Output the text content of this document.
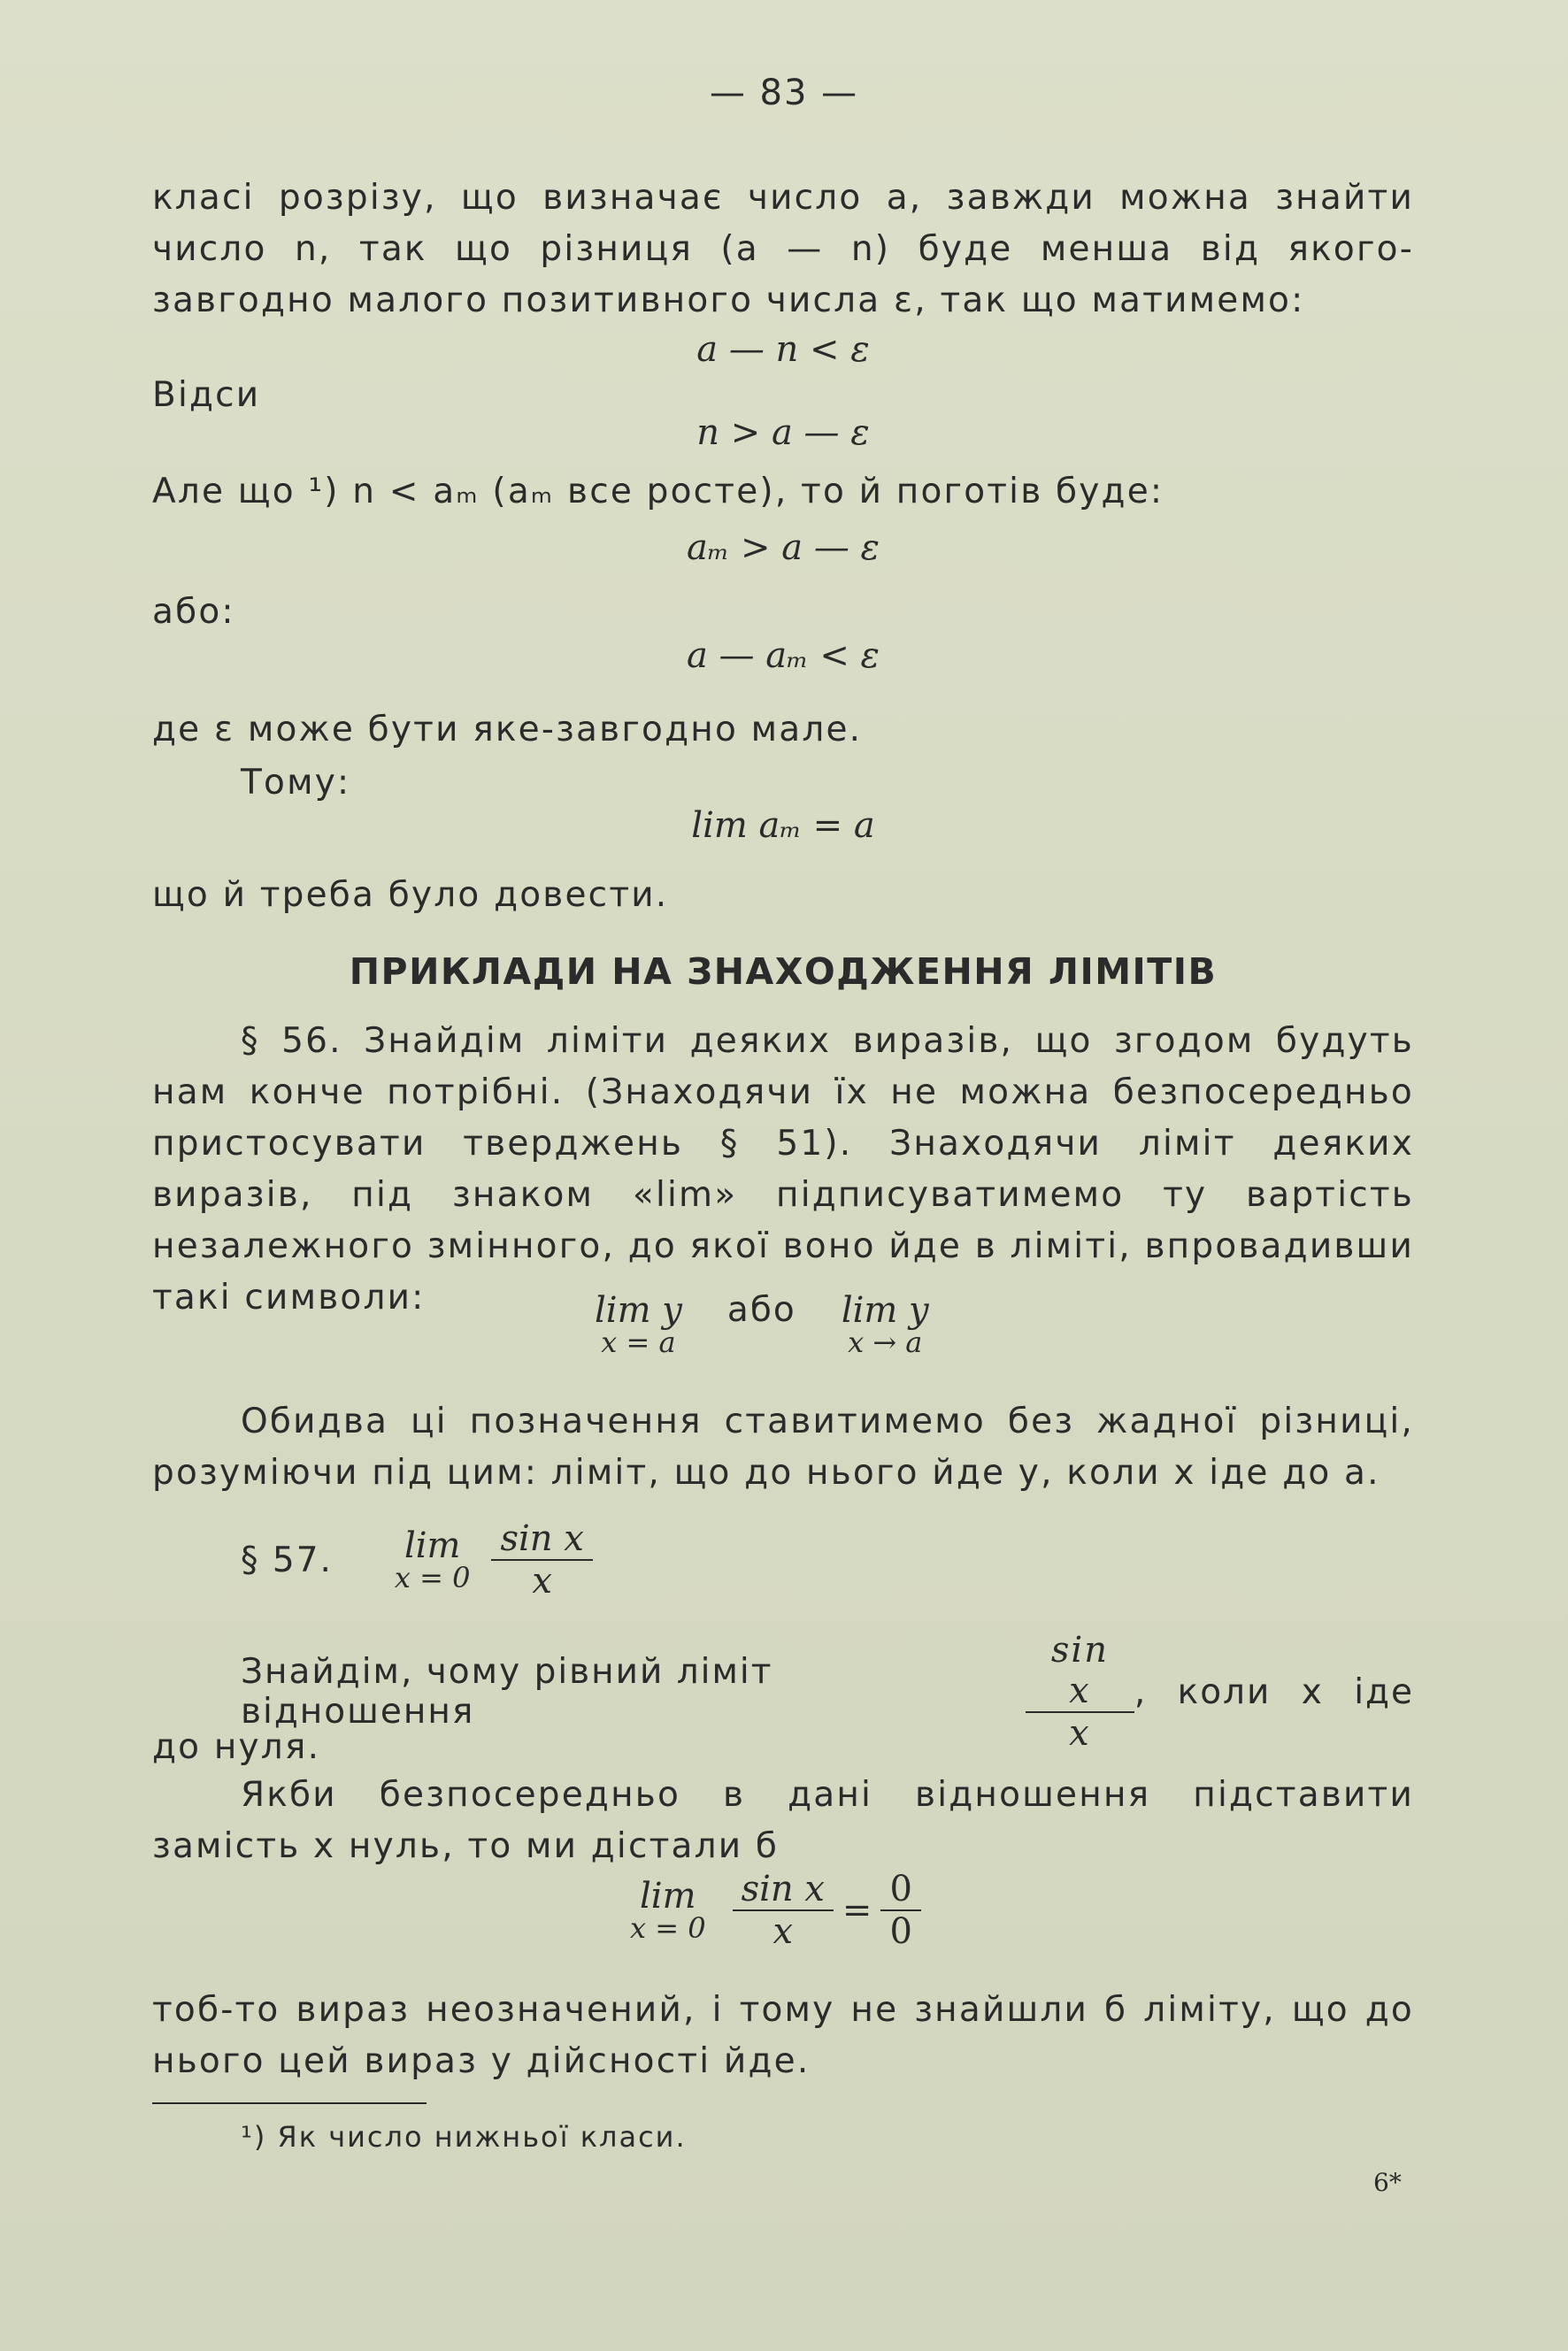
— 83 —
класі розрізу, що визначає число a, завжди можна знайти число n, так що різниця (a — n) буде менша від якого-завгодно малого позитивного числа ε, так що матимемо:
a — n < ε
Відси
n > a — ε
Але що ¹) n < aₘ (aₘ все росте), то й поготів буде:
aₘ > a — ε
або:
a — aₘ < ε
де ε може бути яке-завгодно мале.
Тому:
lim aₘ = a
що й треба було довести.
ПРИКЛАДИ НА ЗНАХОДЖЕННЯ ЛІМІТІВ
§ 56. Знайдім ліміти деяких виразів, що згодом будуть нам конче потрібні. (Знаходячи їх не можна безпосередньо пристосувати тверджень § 51). Знаходячи ліміт деяких виразів, під знаком «lim» підписуватимемо ту вартість незалежного змінного, до якої воно йде в ліміті, впровадивши такі символи:	lim y
x = a
або lim y
x → a
Обидва ці позначення ставитимемо без жадної різниці, розуміючи під цим: ліміт, що до нього йде y, коли x іде до a.
§ 57. lim
$x = 0 \frac{\text{sin x}}{x}$
Знайдім, чому рівний ліміт відношення	$\frac{\text{sin x}}{x}$ , коли x іде
до нуля.
Якби безпосередньо в дані відношення підставити замість x нуль, то ми дістали б
lim
$x = 0 \frac{\text{sin x}}{x} = \frac{0}{0}$
тоб-то вираз неозначений, і тому не знайшли б ліміту, що до нього цей вираз у дійсності йде.
¹) Як число нижньої класи.
6*
